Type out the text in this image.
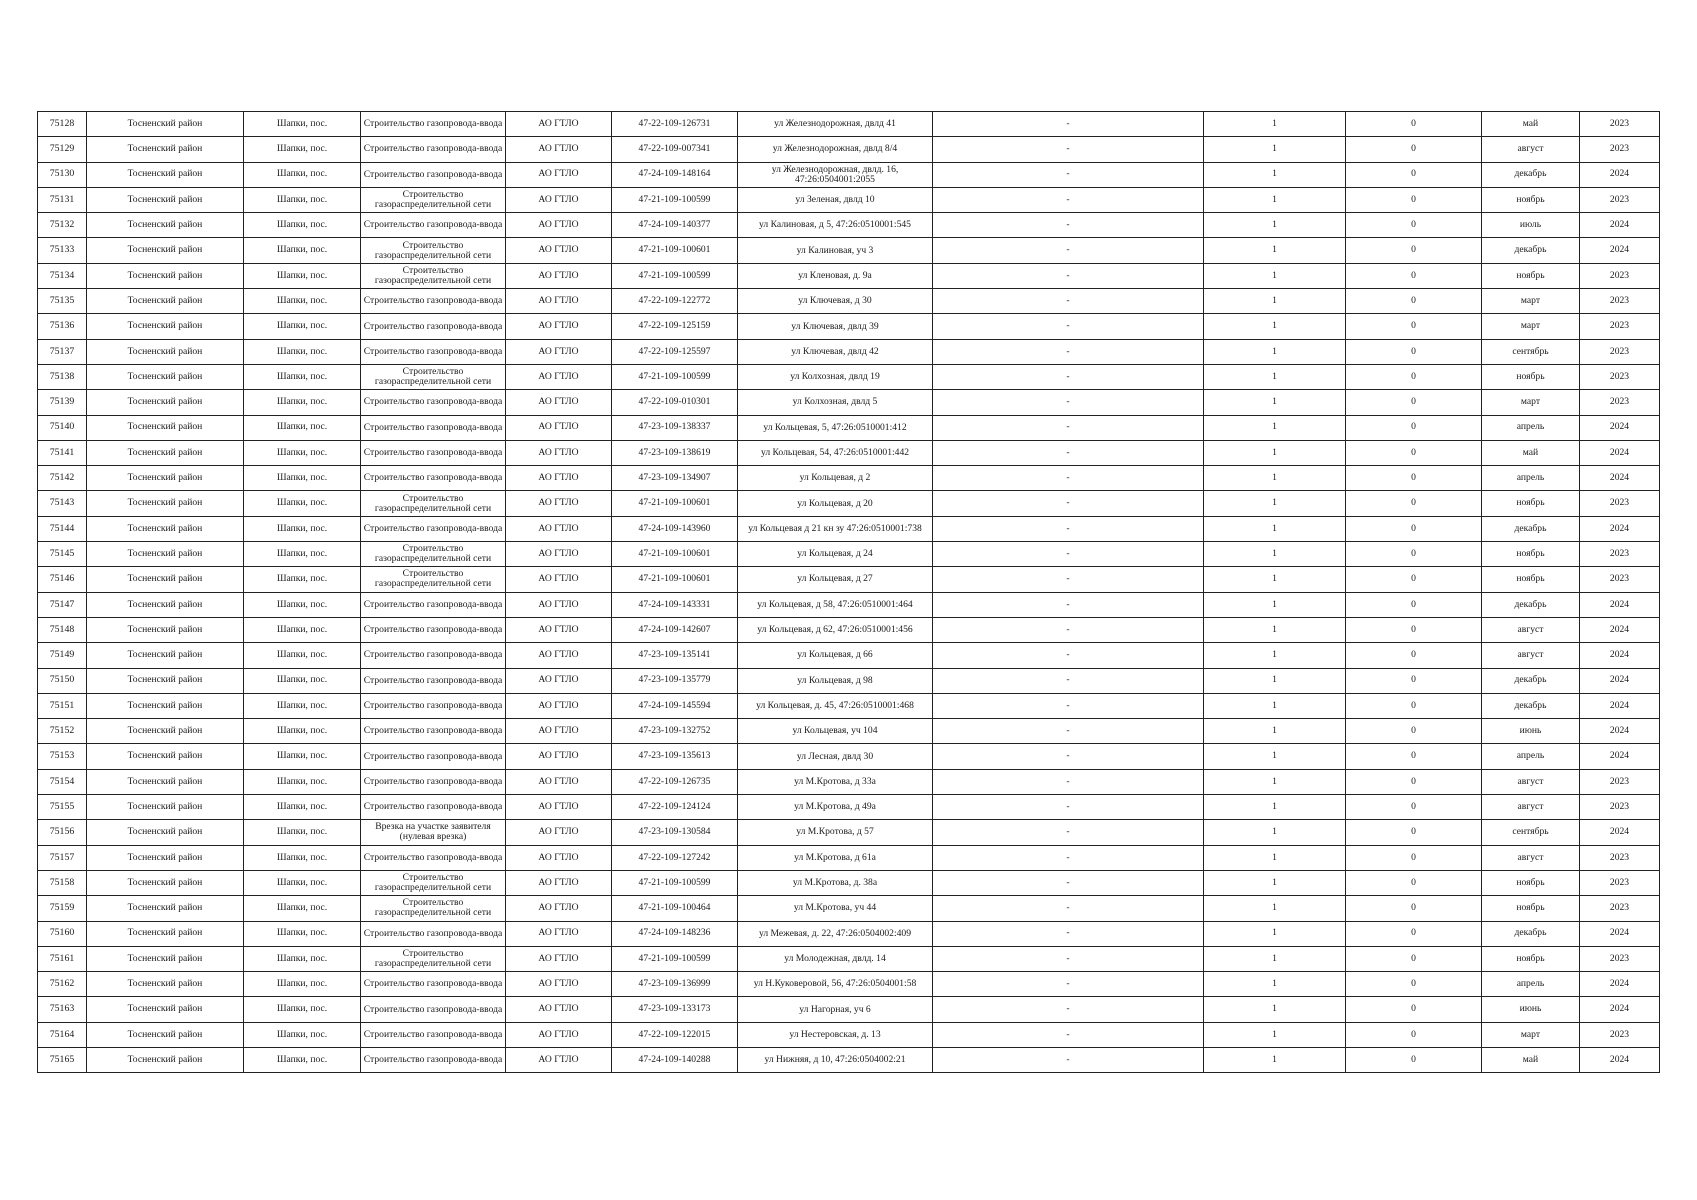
75128	Тосненский район	Шапки, пос.	Строительство газопровода-ввода	АО ГТЛО	47-22-109-126731	ул Железнодорожная, двлд 41	-	1	0	май	2023
75129	Тосненский район	Шапки, пос.	Строительство газопровода-ввода	АО ГТЛО	47-22-109-007341	ул Железнодорожная, двлд 8/4	-	1	0	август	2023
75130	Тосненский район	Шапки, пос.	Строительство газопровода-ввода	АО ГТЛО	47-24-109-148164	ул Железнодорожная, двлд. 16, 47:26:0504001:2055	-	1	0	декабрь	2024
75131	Тосненский район	Шапки, пос.	Строительство газораспределительной сети	АО ГТЛО	47-21-109-100599	ул Зеленая, двлд 10	-	1	0	ноябрь	2023
75132	Тосненский район	Шапки, пос.	Строительство газопровода-ввода	АО ГТЛО	47-24-109-140377	ул Калиновая, д 5, 47:26:0510001:545	-	1	0	июль	2024
75133	Тосненский район	Шапки, пос.	Строительство газораспределительной сети	АО ГТЛО	47-21-109-100601	ул Калиновая, уч 3	-	1	0	декабрь	2024
75134	Тосненский район	Шапки, пос.	Строительство газораспределительной сети	АО ГТЛО	47-21-109-100599	ул Кленовая, д. 9а	-	1	0	ноябрь	2023
75135	Тосненский район	Шапки, пос.	Строительство газопровода-ввода	АО ГТЛО	47-22-109-122772	ул Ключевая, д 30	-	1	0	март	2023
75136	Тосненский район	Шапки, пос.	Строительство газопровода-ввода	АО ГТЛО	47-22-109-125159	ул Ключевая, двлд 39	-	1	0	март	2023
75137	Тосненский район	Шапки, пос.	Строительство газопровода-ввода	АО ГТЛО	47-22-109-125597	ул Ключевая, двлд 42	-	1	0	сентябрь	2023
75138	Тосненский район	Шапки, пос.	Строительство газораспределительной сети	АО ГТЛО	47-21-109-100599	ул Колхозная, двлд 19	-	1	0	ноябрь	2023
75139	Тосненский район	Шапки, пос.	Строительство газопровода-ввода	АО ГТЛО	47-22-109-010301	ул Колхозная, двлд 5	-	1	0	март	2023
75140	Тосненский район	Шапки, пос.	Строительство газопровода-ввода	АО ГТЛО	47-23-109-138337	ул Кольцевая, 5, 47:26:0510001:412	-	1	0	апрель	2024
75141	Тосненский район	Шапки, пос.	Строительство газопровода-ввода	АО ГТЛО	47-23-109-138619	ул Кольцевая, 54, 47:26:0510001:442	-	1	0	май	2024
75142	Тосненский район	Шапки, пос.	Строительство газопровода-ввода	АО ГТЛО	47-23-109-134907	ул Кольцевая, д 2	-	1	0	апрель	2024
75143	Тосненский район	Шапки, пос.	Строительство газораспределительной сети	АО ГТЛО	47-21-109-100601	ул Кольцевая, д 20	-	1	0	ноябрь	2023
75144	Тосненский район	Шапки, пос.	Строительство газопровода-ввода	АО ГТЛО	47-24-109-143960	ул Кольцевая д 21 кн зу 47:26:0510001:738	-	1	0	декабрь	2024
75145	Тосненский район	Шапки, пос.	Строительство газораспределительной сети	АО ГТЛО	47-21-109-100601	ул Кольцевая, д 24	-	1	0	ноябрь	2023
75146	Тосненский район	Шапки, пос.	Строительство газораспределительной сети	АО ГТЛО	47-21-109-100601	ул Кольцевая, д 27	-	1	0	ноябрь	2023
75147	Тосненский район	Шапки, пос.	Строительство газопровода-ввода	АО ГТЛО	47-24-109-143331	ул Кольцевая, д 58, 47:26:0510001:464	-	1	0	декабрь	2024
75148	Тосненский район	Шапки, пос.	Строительство газопровода-ввода	АО ГТЛО	47-24-109-142607	ул Кольцевая, д 62, 47:26:0510001:456	-	1	0	август	2024
75149	Тосненский район	Шапки, пос.	Строительство газопровода-ввода	АО ГТЛО	47-23-109-135141	ул Кольцевая, д 66	-	1	0	август	2024
75150	Тосненский район	Шапки, пос.	Строительство газопровода-ввода	АО ГТЛО	47-23-109-135779	ул Кольцевая, д 98	-	1	0	декабрь	2024
75151	Тосненский район	Шапки, пос.	Строительство газопровода-ввода	АО ГТЛО	47-24-109-145594	ул Кольцевая, д. 45, 47:26:0510001:468	-	1	0	декабрь	2024
75152	Тосненский район	Шапки, пос.	Строительство газопровода-ввода	АО ГТЛО	47-23-109-132752	ул Кольцевая, уч 104	-	1	0	июнь	2024
75153	Тосненский район	Шапки, пос.	Строительство газопровода-ввода	АО ГТЛО	47-23-109-135613	ул Лесная, двлд 30	-	1	0	апрель	2024
75154	Тосненский район	Шапки, пос.	Строительство газопровода-ввода	АО ГТЛО	47-22-109-126735	ул М.Кротова, д 33а	-	1	0	август	2023
75155	Тосненский район	Шапки, пос.	Строительство газопровода-ввода	АО ГТЛО	47-22-109-124124	ул М.Кротова, д 49а	-	1	0	август	2023
75156	Тосненский район	Шапки, пос.	Врезка на участке заявителя (нулевая врезка)	АО ГТЛО	47-23-109-130584	ул М.Кротова, д 57	-	1	0	сентябрь	2024
75157	Тосненский район	Шапки, пос.	Строительство газопровода-ввода	АО ГТЛО	47-22-109-127242	ул М.Кротова, д 61а	-	1	0	август	2023
75158	Тосненский район	Шапки, пос.	Строительство газораспределительной сети	АО ГТЛО	47-21-109-100599	ул М.Кротова, д. 38а	-	1	0	ноябрь	2023
75159	Тосненский район	Шапки, пос.	Строительство газораспределительной сети	АО ГТЛО	47-21-109-100464	ул М.Кротова, уч 44	-	1	0	ноябрь	2023
75160	Тосненский район	Шапки, пос.	Строительство газопровода-ввода	АО ГТЛО	47-24-109-148236	ул Межевая, д. 22, 47:26:0504002:409	-	1	0	декабрь	2024
75161	Тосненский район	Шапки, пос.	Строительство газораспределительной сети	АО ГТЛО	47-21-109-100599	ул Молодежная, двлд. 14	-	1	0	ноябрь	2023
75162	Тосненский район	Шапки, пос.	Строительство газопровода-ввода	АО ГТЛО	47-23-109-136999	ул Н.Куковеровой, 56, 47:26:0504001:58	-	1	0	апрель	2024
75163	Тосненский район	Шапки, пос.	Строительство газопровода-ввода	АО ГТЛО	47-23-109-133173	ул Нагорная, уч 6	-	1	0	июнь	2024
75164	Тосненский район	Шапки, пос.	Строительство газопровода-ввода	АО ГТЛО	47-22-109-122015	ул Нестеровская, д. 13	-	1	0	март	2023
75165	Тосненский район	Шапки, пос.	Строительство газопровода-ввода	АО ГТЛО	47-24-109-140288	ул Нижняя, д 10, 47:26:0504002:21	-	1	0	май	2024
